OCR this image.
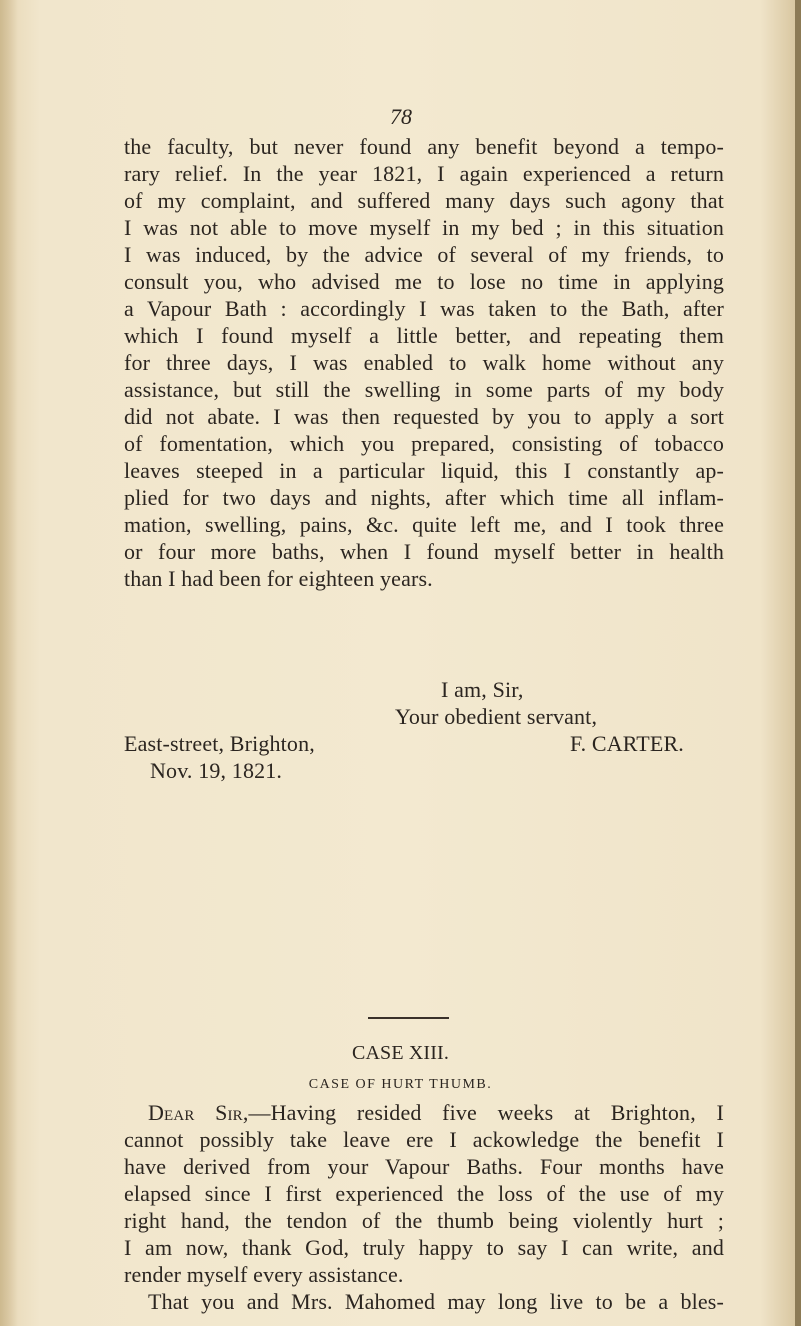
78
the faculty, but never found any benefit beyond a tempo-
rary relief. In the year 1821, I again experienced a return
of my complaint, and suffered many days such agony that
I was not able to move myself in my bed ; in this situation
I was induced, by the advice of several of my friends, to
consult you, who advised me to lose no time in applying
a Vapour Bath : accordingly I was taken to the Bath, after
which I found myself a little better, and repeating them
for three days, I was enabled to walk home without any
assistance, but still the swelling in some parts of my body
did not abate. I was then requested by you to apply a sort
of fomentation, which you prepared, consisting of tobacco
leaves steeped in a particular liquid, this I constantly ap-
plied for two days and nights, after which time all inflam-
mation, swelling, pains, &c. quite left me, and I took three
or four more baths, when I found myself better in health
than I had been for eighteen years.
I am, Sir,
Your obedient servant,
East-street, Brighton,	F. CARTER.
Nov. 19, 1821.
CASE XIII.
CASE OF HURT THUMB.
Dear Sir,—Having resided five weeks at Brighton, I
cannot possibly take leave ere I ackowledge the benefit I
have derived from your Vapour Baths. Four months have
elapsed since I first experienced the loss of the use of my
right hand, the tendon of the thumb being violently hurt ;
I am now, thank God, truly happy to say I can write, and
render myself every assistance.
That you and Mrs. Mahomed may long live to be a bles-
